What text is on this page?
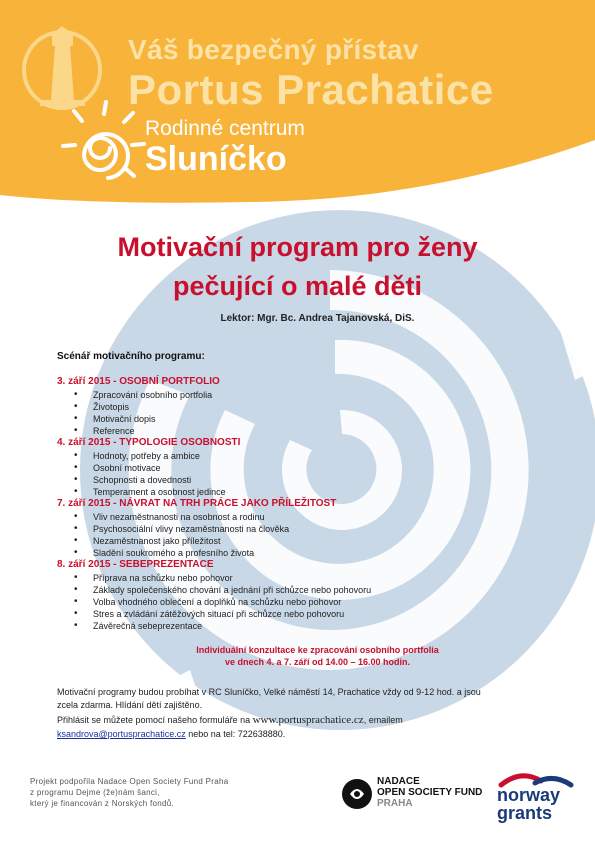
Váš bezpečný přístav
Portus Prachatice
Rodinné centrum
Sluníčko
Motivační program pro ženy
pečující o malé děti
Lektor: Mgr. Bc. Andrea Tajanovská, DiS.
Scénář motivačního programu:
3. září 2015 - OSOBNÍ PORTFOLIO
• Zpracování osobního portfolia
• Životopis
• Motivační dopis
• Reference
4. září 2015 - TYPOLOGIE OSOBNOSTI
• Hodnoty, potřeby a ambice
• Osobní motivace
• Schopnosti a dovednosti
• Temperament a osobnost jedince
7. září 2015 - NÁVRAT NA TRH PRÁCE JAKO PŘÍLEŽITOST
• Vliv nezaměstnanosti na osobnost a rodinu
• Psychosociální vlivy nezaměstnanosti na člověka
• Nezaměstnanost jako příležitost
• Sladění soukromého a profesního života
8. září 2015 - SEBEPREZENTACE
• Příprava na schůzku nebo pohovor
• Základy společenského chování a jednání při schůzce nebo pohovoru
• Volba vhodného oblečení a doplňků na schůzku nebo pohovor
• Stres a zvládání zátěžových situací při schůzce nebo pohovoru
• Závěrečná sebeprezentace
Individuální konzultace ke zpracování osobního portfolia
ve dnech 4. a 7. září od 14.00 – 16.00 hodin.
Motivační programy budou probíhat v RC Sluníčko, Velké náměstí 14, Prachatice vždy od 9-12 hod. a jsou
zcela zdarma. Hlídání dětí zajištěno.
Přihlásit se můžete pomocí našeho formuláře na www.portusprachatice.cz, emailem
ksandrova@portusprachatice.cz nebo na tel: 722638880.
Projekt podpořila Nadace Open Society Fund Praha
z programu Dejme (že)nám šanci,
který je financován z Norských fondů.
NADACE
OPEN SOCIETY FUND
PRAHA	norway
grants
